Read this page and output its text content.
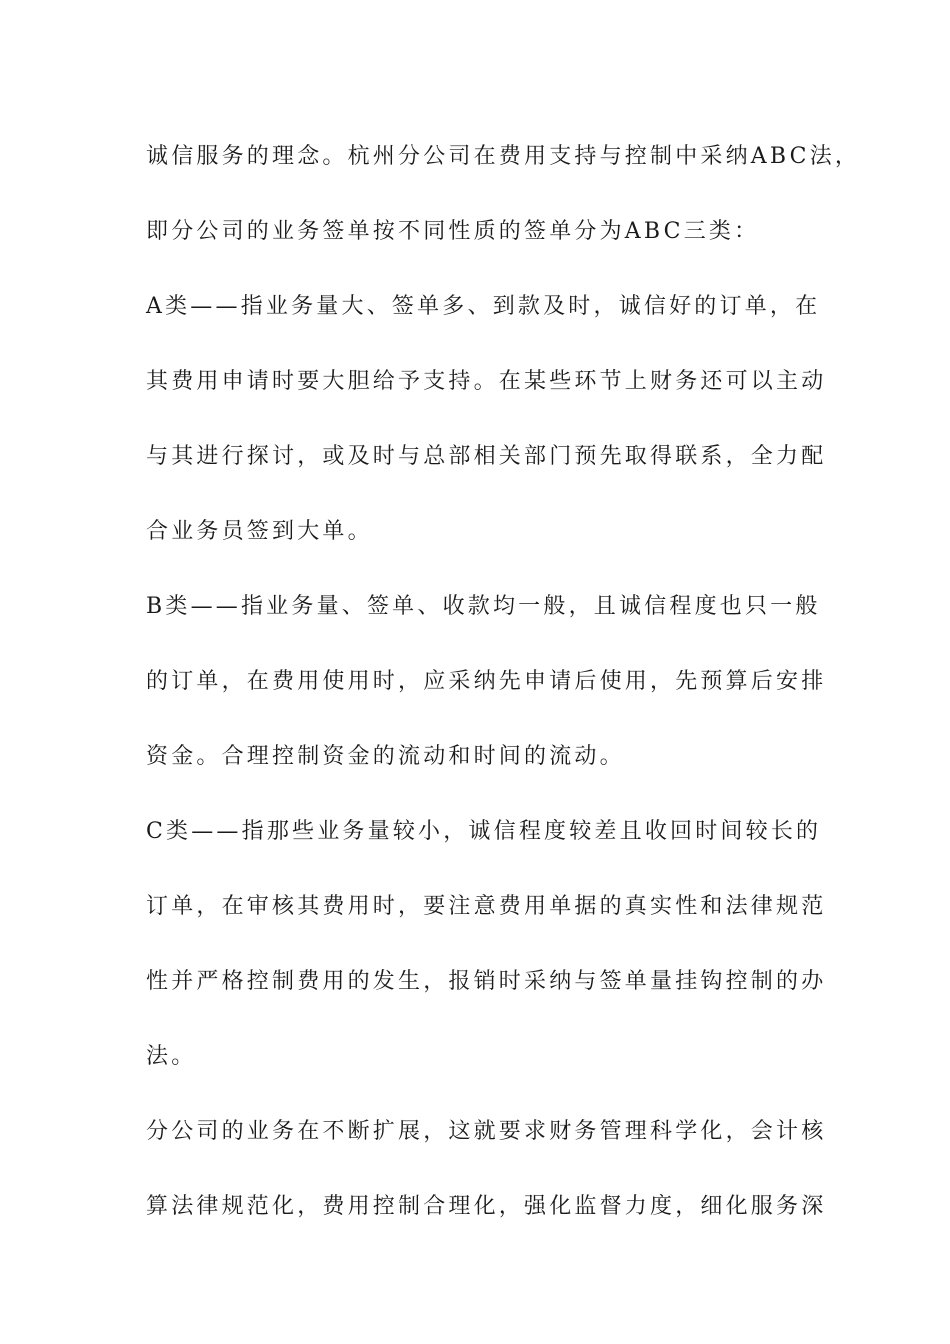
诚信服务的理念。杭州分公司在费用支持与控制中采纳ABC法，
即分公司的业务签单按不同性质的签单分为ABC三类：
A类——指业务量大、签单多、到款及时，诚信好的订单，在
其费用申请时要大胆给予支持。在某些环节上财务还可以主动
与其进行探讨，或及时与总部相关部门预先取得联系，全力配
合业务员签到大单。
B类——指业务量、签单、收款均一般，且诚信程度也只一般
的订单，在费用使用时，应采纳先申请后使用，先预算后安排
资金。合理控制资金的流动和时间的流动。
C类——指那些业务量较小，诚信程度较差且收回时间较长的
订单，在审核其费用时，要注意费用单据的真实性和法律规范
性并严格控制费用的发生，报销时采纳与签单量挂钩控制的办
法。
分公司的业务在不断扩展，这就要求财务管理科学化，会计核
算法律规范化，费用控制合理化，强化监督力度，细化服务深
